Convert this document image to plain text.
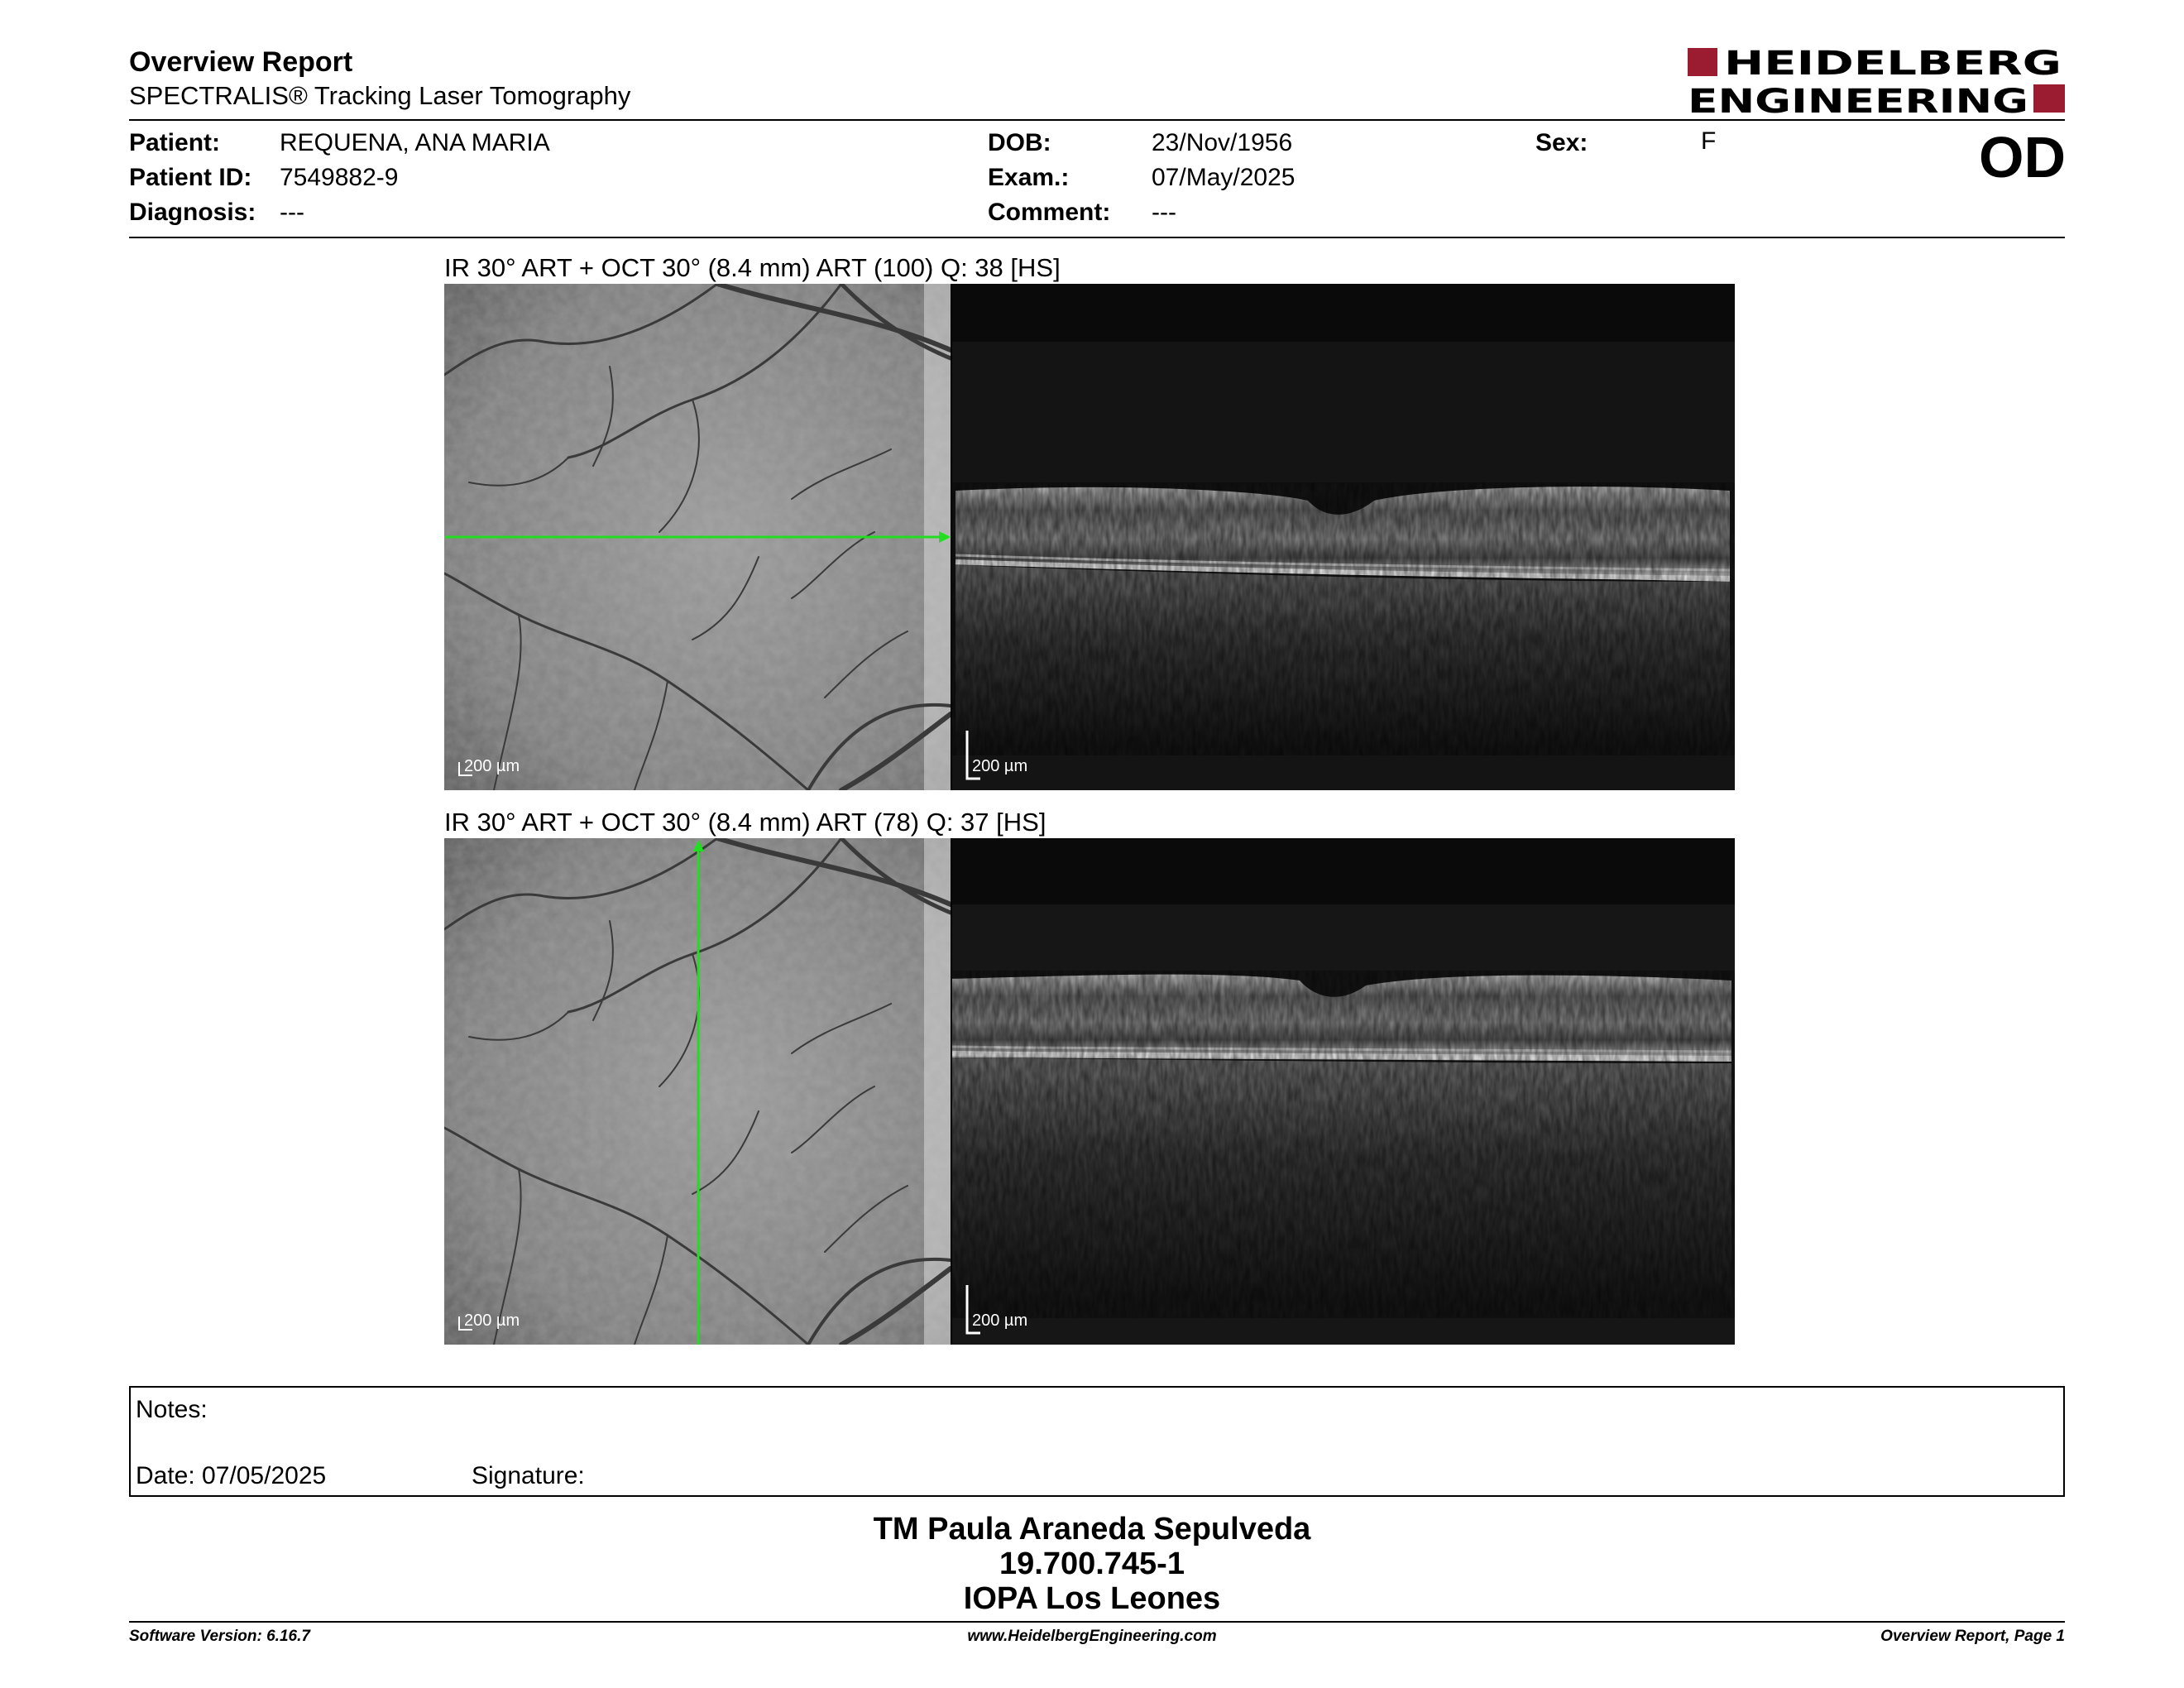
Overview Report
SPECTRALIS® Tracking Laser Tomography
HEIDELBERG
ENGINEERING
Patient: REQUENA, ANA MARIA
Patient ID: 7549882-9
Diagnosis: ---
DOB:	23/Nov/1956
Exam.:	07/May/2025
Comment: ---
Sex:	F	OD
IR 30° ART + OCT 30° (8.4 mm) ART (100) Q: 38 [HS]
200 µm	200 µm
IR 30° ART + OCT 30° (8.4 mm) ART (78) Q: 37 [HS]
200 µm	200 µm
Notes:
Date: 07/05/2025	Signature:
TM Paula Araneda Sepulveda
19.700.745-1
IOPA Los Leones
Software Version: 6.16.7	www.HeidelbergEngineering.com	Overview Report, Page 1
